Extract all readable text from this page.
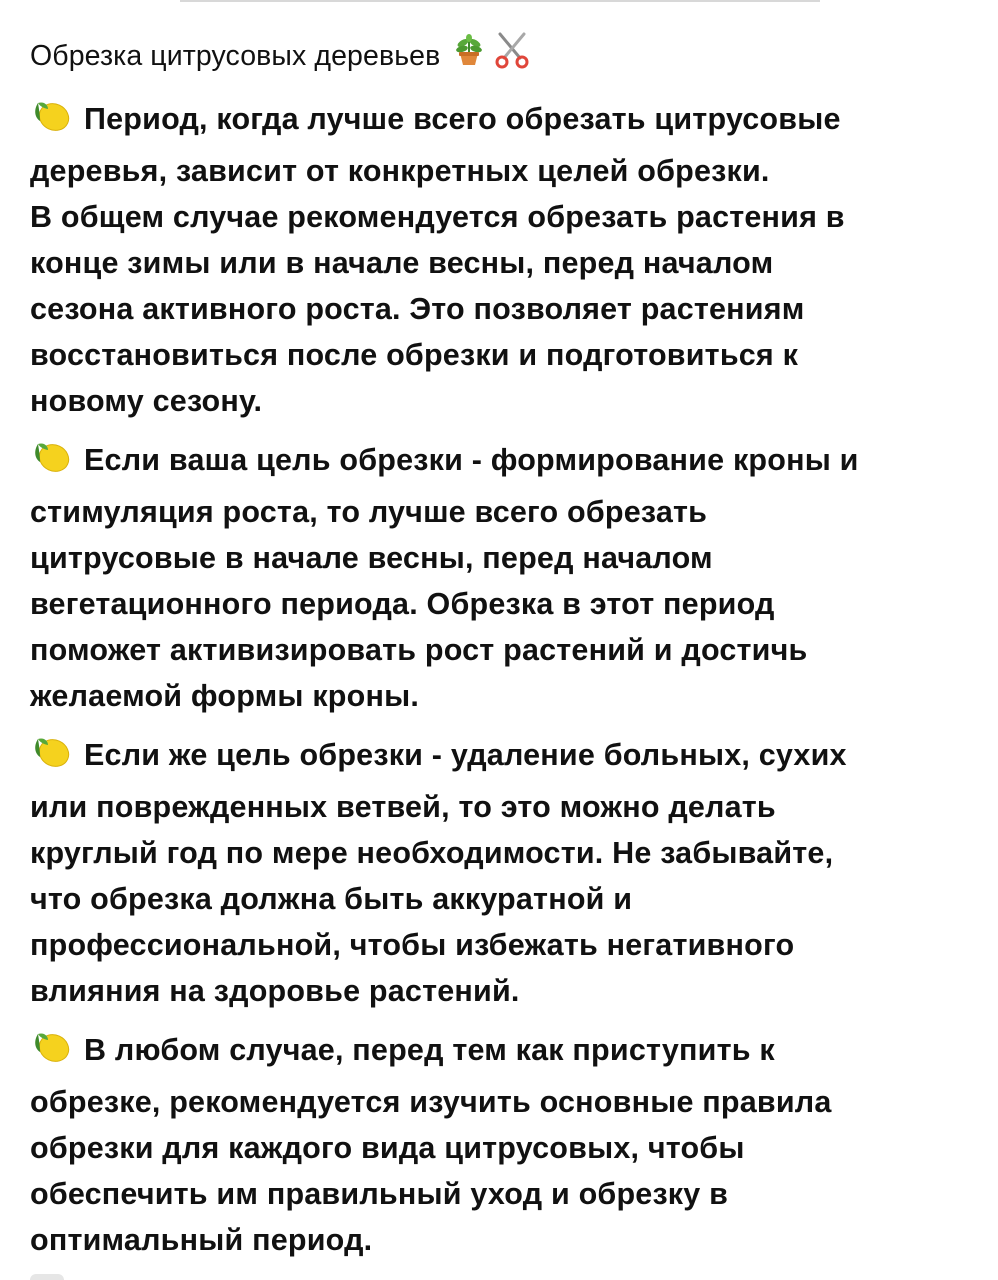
Обрезка цитрусовых деревьев
Период, когда лучше всего обрезать цитрусовые
деревья, зависит от конкретных целей обрезки.
В общем случае рекомендуется обрезать растения в
конце зимы или в начале весны, перед началом
сезона активного роста. Это позволяет растениям
восстановиться после обрезки и подготовиться к
новому сезону.
Если ваша цель обрезки - формирование кроны и
стимуляция роста, то лучше всего обрезать
цитрусовые в начале весны, перед началом
вегетационного периода. Обрезка в этот период
поможет активизировать рост растений и достичь
желаемой формы кроны.
Если же цель обрезки - удаление больных, сухих
или поврежденных ветвей, то это можно делать
круглый год по мере необходимости. Не забывайте,
что обрезка должна быть аккуратной и
профессиональной, чтобы избежать негативного
влияния на здоровье растений.
В любом случае, перед тем как приступить к
обрезке, рекомендуется изучить основные правила
обрезки для каждого вида цитрусовых, чтобы
обеспечить им правильный уход и обрезку в
оптимальный период.
